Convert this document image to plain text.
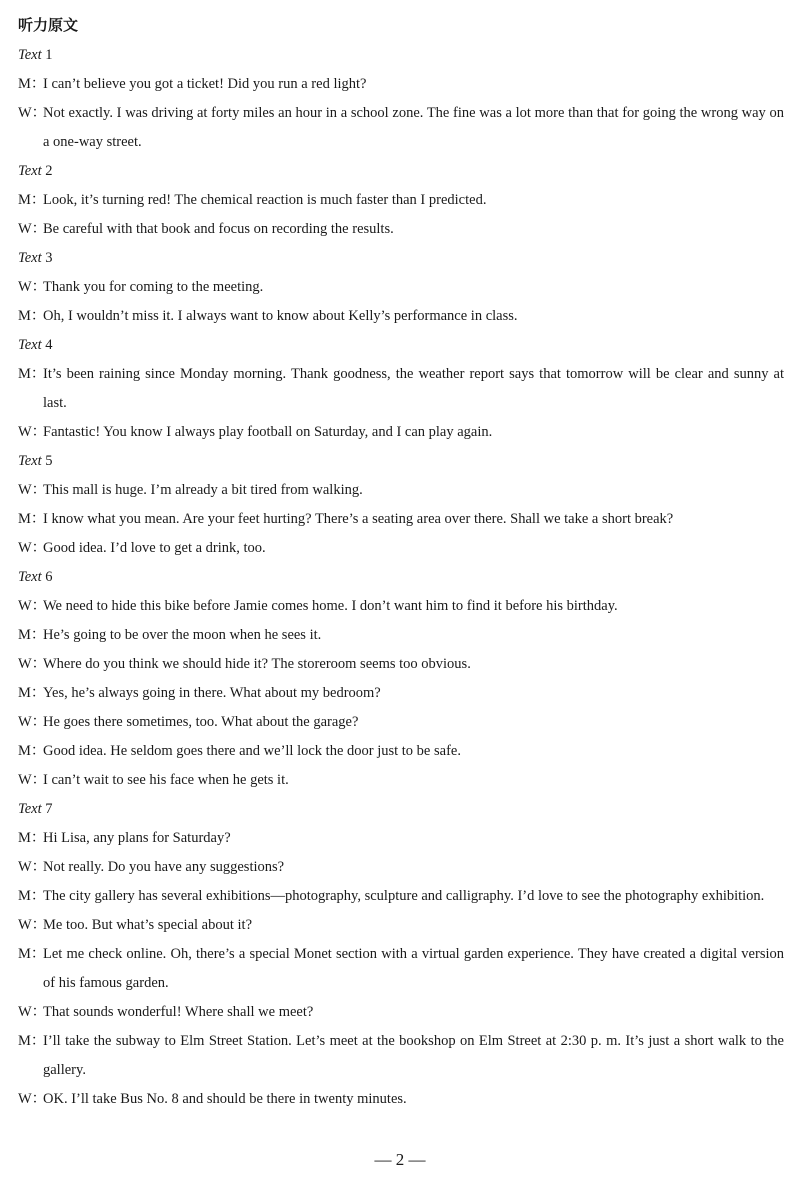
听力原文
Text 1
M：
I can’t believe you got a ticket! Did you run a red light?
W：
Not exactly. I was driving at forty miles an hour in a school zone. The fine was a lot more than that for going the wrong way on a one-way street.
Text 2
M：
Look, it’s turning red! The chemical reaction is much faster than I predicted.
W：
Be careful with that book and focus on recording the results.
Text 3
W：
Thank you for coming to the meeting.
M：
Oh, I wouldn’t miss it. I always want to know about Kelly’s performance in class.
Text 4
M：
It’s been raining since Monday morning. Thank goodness, the weather report says that tomorrow will be clear and sunny at last.
W：
Fantastic! You know I always play football on Saturday, and I can play again.
Text 5
W：
This mall is huge. I’m already a bit tired from walking.
M：
I know what you mean. Are your feet hurting? There’s a seating area over there. Shall we take a short break?
W：
Good idea. I’d love to get a drink, too.
Text 6
W：
We need to hide this bike before Jamie comes home. I don’t want him to find it before his birthday.
M：
He’s going to be over the moon when he sees it.
W：
Where do you think we should hide it? The storeroom seems too obvious.
M：
Yes, he’s always going in there. What about my bedroom?
W：
He goes there sometimes, too. What about the garage?
M：
Good idea. He seldom goes there and we’ll lock the door just to be safe.
W：
I can’t wait to see his face when he gets it.
Text 7
M：
Hi Lisa, any plans for Saturday?
W：
Not really. Do you have any suggestions?
M：
The city gallery has several exhibitions—photography, sculpture and calligraphy. I’d love to see the photography exhibition.
W：
Me too. But what’s special about it?
M：
Let me check online. Oh, there’s a special Monet section with a virtual garden experience. They have created a digital version of his famous garden.
W：
That sounds wonderful! Where shall we meet?
M：
I’ll take the subway to Elm Street Station. Let’s meet at the bookshop on Elm Street at 2:30 p. m. It’s just a short walk to the gallery.
W：
OK. I’ll take Bus No. 8 and should be there in twenty minutes.
— 2 —
